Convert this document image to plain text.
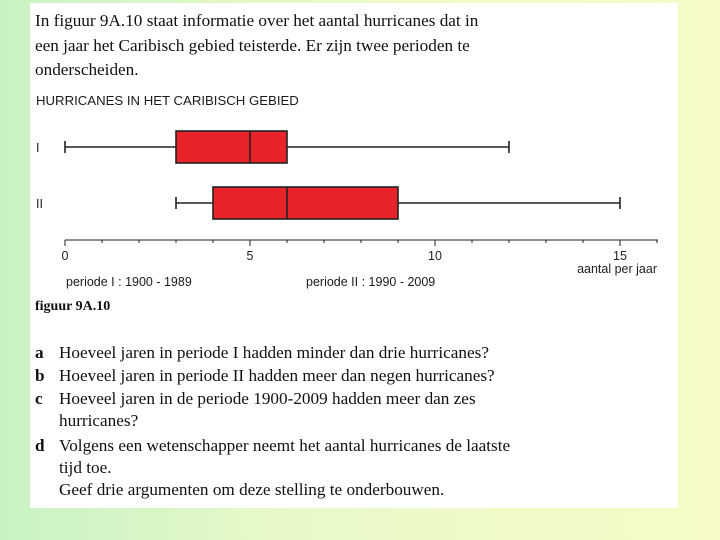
In figuur 9A.10 staat informatie over het aantal hurricanes dat in
een jaar het Caribisch gebied teisterde. Er zijn twee perioden te
onderscheiden.
HURRICANES IN HET CARIBISCH GEBIED
0	5	10	15
aantal per jaar
I
II
periode I : 1900 - 1989	periode II : 1990 - 2009
figuur 9A.10
a Hoeveel jaren in periode I hadden minder dan drie hurricanes?
b Hoeveel jaren in periode II hadden meer dan negen hurricanes?
c Hoeveel jaren in de periode 1900-2009 hadden meer dan zes
hurricanes?
d Volgens een wetenschapper neemt het aantal hurricanes de laatste
tijd toe.
Geef drie argumenten om deze stelling te onderbouwen.
